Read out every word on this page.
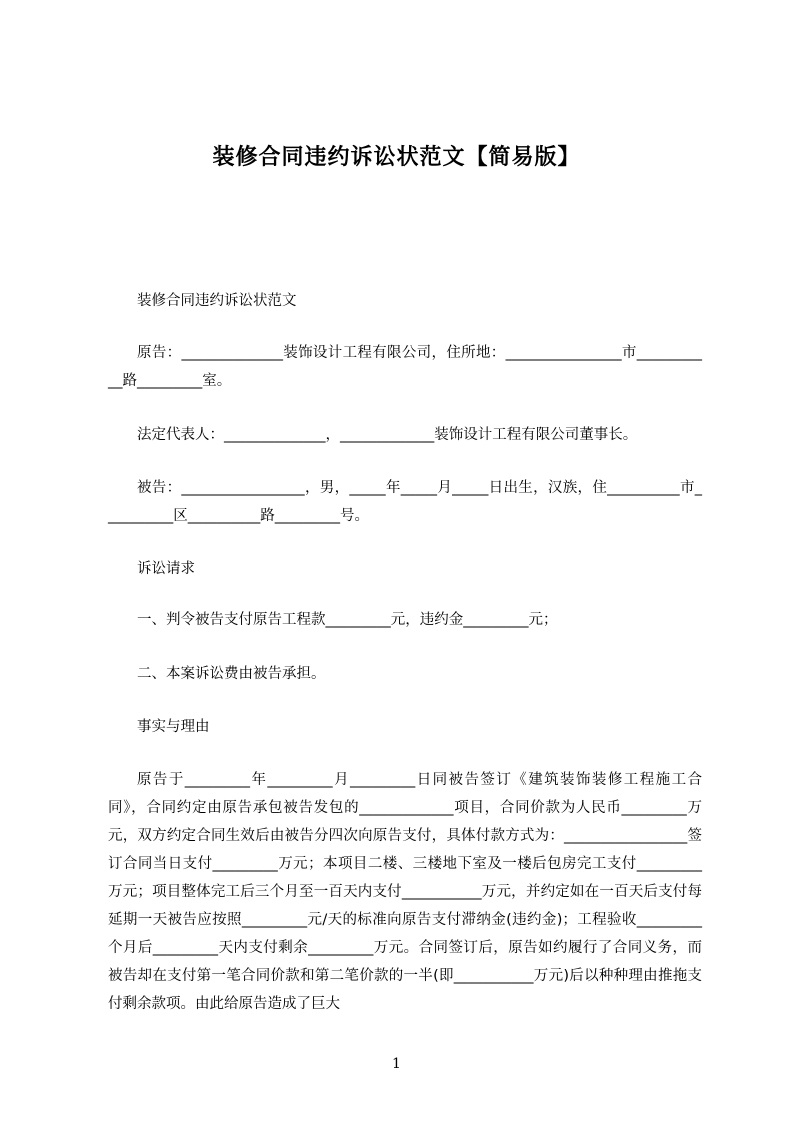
装修合同违约诉讼状范文【简易版】

装修合同违约诉讼状范文

原告：______________装饰设计工程有限公司，住所地：________________市___________路_________室。

法定代表人：______________，_____________装饰设计工程有限公司董事长。

被告：_________________，男，_____年_____月_____日出生，汉族，住__________市__________区__________路_________号。

诉讼请求

一、判令被告支付原告工程款_________元，违约金_________元；

二、本案诉讼费由被告承担。

事实与理由

原告于_________年_________月_________日同被告签订《建筑装饰装修工程施工合同》，合同约定由原告承包被告发包的_____________项目，合同价款为人民币_________万元，双方约定合同生效后由被告分四次向原告支付，具体付款方式为：_________________签订合同当日支付_________万元；本项目二楼、三楼地下室及一楼后包房完工支付_________万元；项目整体完工后三个月至一百天内支付___________万元，并约定如在一百天后支付每延期一天被告应按照_________元/天的标准向原告支付滞纳金(违约金)；工程验收_________个月后_________天内支付剩余_________万元。合同签订后，原告如约履行了合同义务，而被告却在支付第一笔合同价款和第二笔价款的一半(即___________万元)后以种种理由推拖支付剩余款项。由此给原告造成了巨大

1
